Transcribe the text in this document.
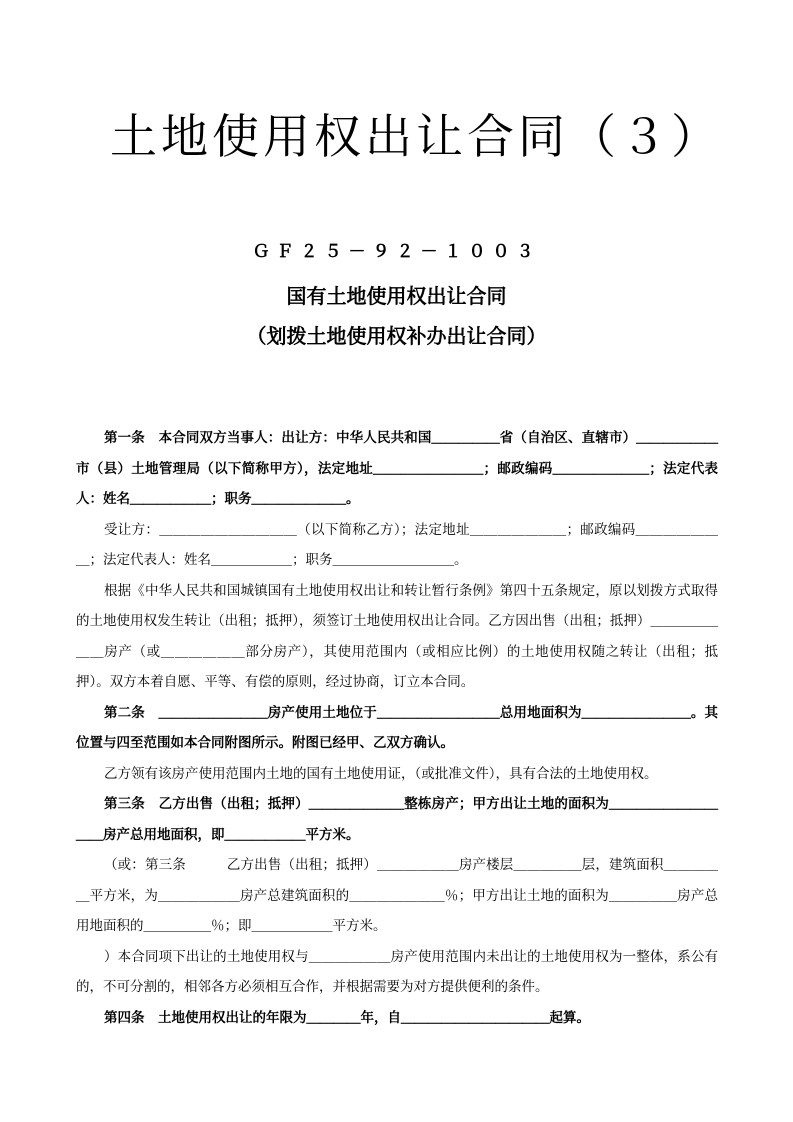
土地使用权出让合同（３）
ＧＦ２５－９２－１００３
国有土地使用权出让合同
（划拨土地使用权补办出让合同）

第一条　本合同双方当事人：出让方：中华人民共和国＿＿＿＿＿省（自治区、直辖市）＿＿＿＿＿＿市（县）土地管理局（以下简称甲方），法定地址＿＿＿＿＿＿＿＿；邮政编码＿＿＿＿＿＿＿；法定代表人：姓名＿＿＿＿＿＿；职务＿＿＿＿＿＿＿。

受让方：＿＿＿＿＿＿＿＿＿＿（以下简称乙方）；法定地址＿＿＿＿＿＿＿；邮政编码＿＿＿＿＿＿＿；法定代表人：姓名＿＿＿＿＿＿；职务＿＿＿＿＿＿＿＿＿。

根据《中华人民共和国城镇国有土地使用权出让和转让暂行条例》第四十五条规定，原以划拨方式取得的土地使用权发生转让（出租；抵押），须签订土地使用权出让合同。乙方因出售（出租；抵押）＿＿＿＿＿＿＿房产（或＿＿＿＿＿＿部分房产），其使用范围内（或相应比例）的土地使用权随之转让（出租；抵押）。双方本着自愿、平等、有偿的原则，经过协商，订立本合同。

第二条　＿＿＿＿＿＿＿＿房产使用土地位于＿＿＿＿＿＿＿＿＿总用地面积为＿＿＿＿＿＿＿＿。其位置与四至范围如本合同附图所示。附图已经甲、乙双方确认。

乙方领有该房产使用范围内土地的国有土地使用证，（或批准文件），具有合法的土地使用权。

第三条　乙方出售（出租；抵押）＿＿＿＿＿＿＿整栋房产；甲方出让土地的面积为＿＿＿＿＿＿＿＿＿＿房产总用地面积，即＿＿＿＿＿＿平方米。

（或：第三条　　　乙方出售（出租；抵押）＿＿＿＿＿＿房产楼层＿＿＿＿＿层，建筑面积＿＿＿＿＿平方米，为＿＿＿＿＿＿房产总建筑面积的＿＿＿＿＿＿＿％；甲方出让土地的面积为＿＿＿＿＿房产总用地面积的＿＿＿＿＿％；即＿＿＿＿＿＿平方米。

）本合同项下出让的土地使用权与＿＿＿＿＿＿房产使用范围内未出让的土地使用权为一整体，系公有的，不可分割的，相邻各方必须相互合作，并根据需要为对方提供便利的条件。

第四条　土地使用权出让的年限为＿＿＿＿年，自＿＿＿＿＿＿＿＿＿＿＿起算。
